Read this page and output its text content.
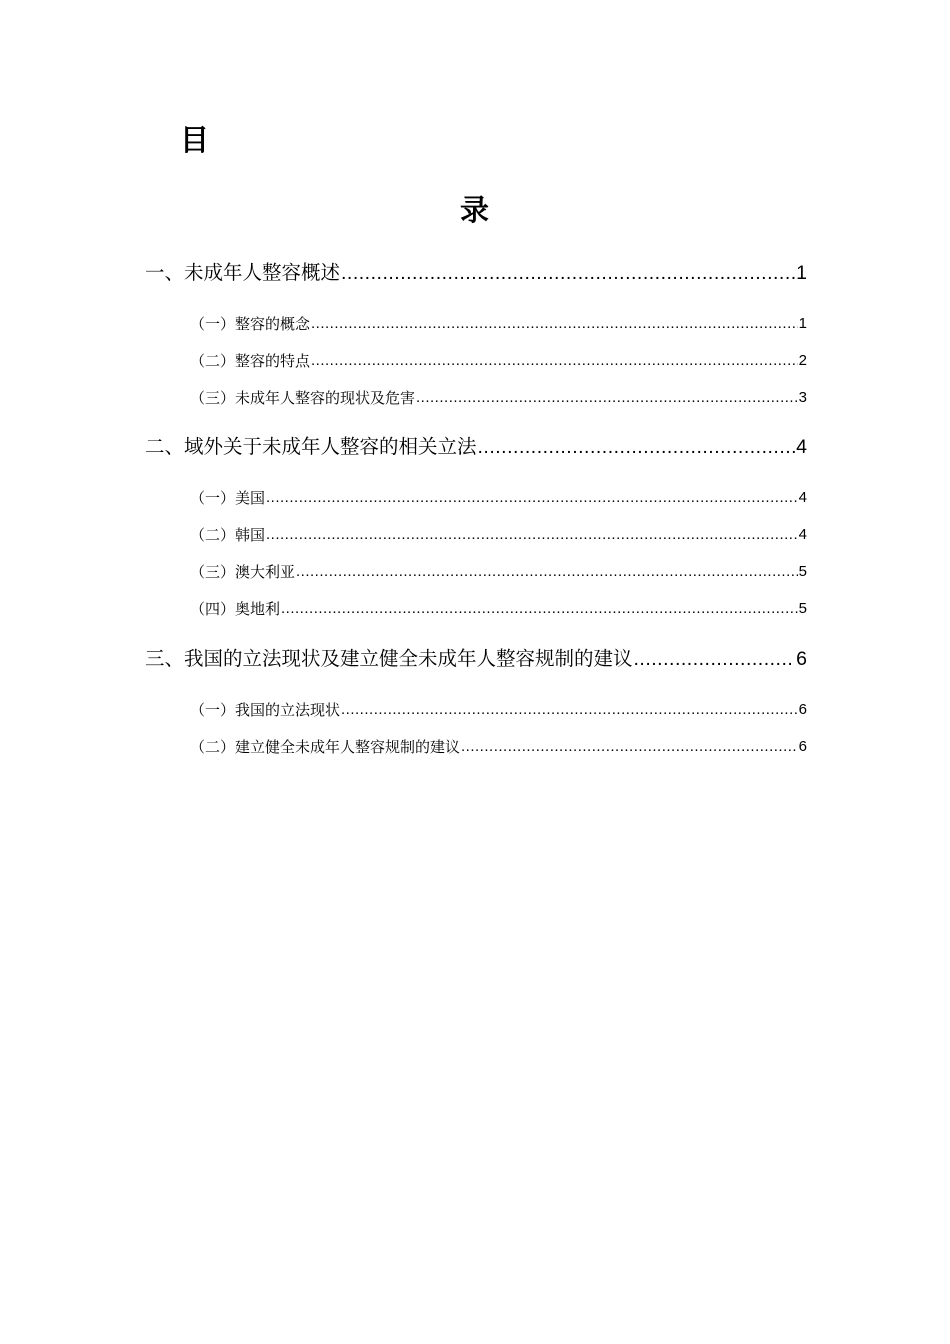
目
录
一、未成年人整容概述 .....	1
（一）整容的概念 .....	1
（二）整容的特点 .....	2
（三）未成年人整容的现状及危害 .....	3
二、域外关于未成年人整容的相关立法 .....	4
（一）美国 .....	4
（二）韩国 .....	4
（三）澳大利亚 .....	5
（四）奥地利 .....	5
三、我国的立法现状及建立健全未成年人整容规制的建议 .....	6
（一）我国的立法现状 .....	6
（二）建立健全未成年人整容规制的建议 .....	6
